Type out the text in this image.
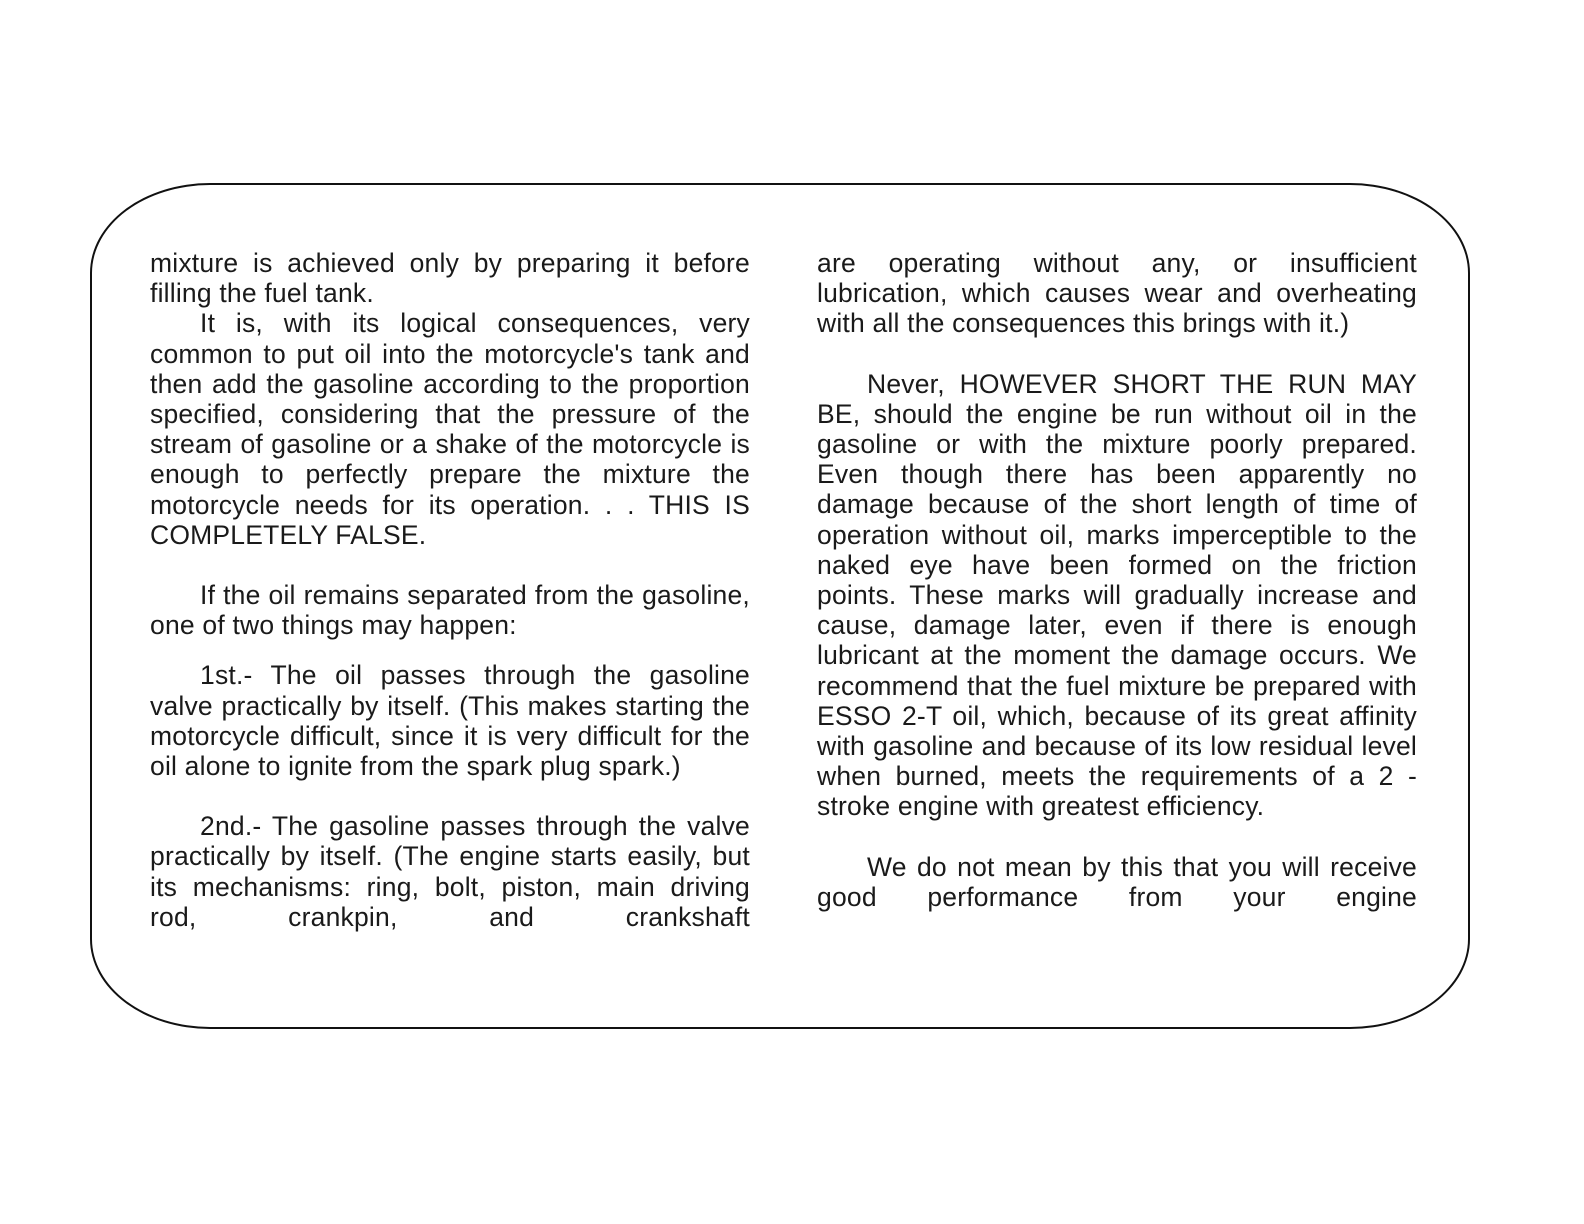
mixture is achieved only by preparing it before filling the fuel tank.

It is, with its logical consequences, very common to put oil into the motorcycle's tank and then add the gasoline according to the proportion specified, considering that the pressure of the stream of gasoline or a shake of the motorcycle is enough to perfectly prepare the mixture the motorcycle needs for its operation. . . THIS IS COMPLETELY FALSE.

If the oil remains separated from the gasoline, one of two things may happen:

1st.- The oil passes through the gasoline valve practically by itself. (This makes starting the motorcycle difficult, since it is very difficult for the oil alone to ignite from the spark plug spark.)

2nd.- The gasoline passes through the valve practically by itself. (The engine starts easily, but its mechanisms: ring, bolt, piston, main driving rod, crankpin, and crankshaft

are operating without any, or insufficient lubrication, which causes wear and overheating with all the consequences this brings with it.)

Never, HOWEVER SHORT THE RUN MAY BE, should the engine be run without oil in the gasoline or with the mixture poorly prepared. Even though there has been apparently no damage because of the short length of time of operation without oil, marks imperceptible to the naked eye have been formed on the friction points. These marks will gradually increase and cause, damage later, even if there is enough lubricant at the moment the damage occurs. We recommend that the fuel mixture be prepared with ESSO 2-T oil, which, because of its great affinity with gasoline and because of its low residual level when burned, meets the requirements of a 2 - stroke engine with greatest efficiency.

We do not mean by this that you will receive good performance from your engine
